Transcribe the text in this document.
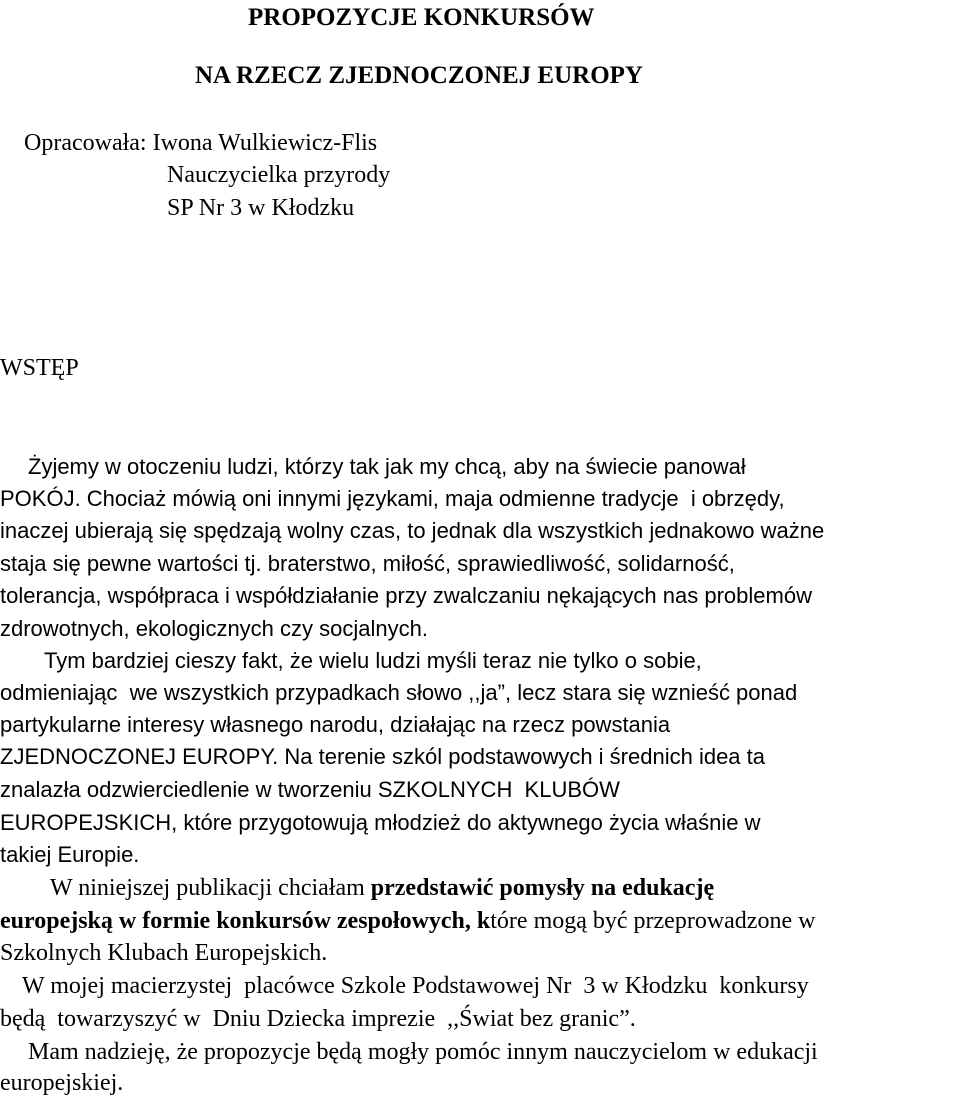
PROPOZYCJE KONKURSÓW
NA RZECZ ZJEDNOCZONEJ EUROPY
Opracowała: Iwona Wulkiewicz-Flis
Nauczycielka przyrody
SP Nr 3 w Kłodzku
WSTĘP
Żyjemy w otoczeniu ludzi, którzy tak jak my chcą, aby na świecie panował
POKÓJ. Chociaż mówią oni innymi językami, maja odmienne tradycje  i obrzędy,
inaczej ubierają się spędzają wolny czas, to jednak dla wszystkich jednakowo ważne
staja się pewne wartości tj. braterstwo, miłość, sprawiedliwość, solidarność,
tolerancja, współpraca i współdziałanie przy zwalczaniu nękających nas problemów
zdrowotnych, ekologicznych czy socjalnych.
Tym bardziej cieszy fakt, że wielu ludzi myśli teraz nie tylko o sobie,
odmieniając  we wszystkich przypadkach słowo ,,ja”, lecz stara się wznieść ponad
partykularne interesy własnego narodu, działając na rzecz powstania
ZJEDNOCZONEJ EUROPY. Na terenie szkól podstawowych i średnich idea ta
znalazła odzwierciedlenie w tworzeniu SZKOLNYCH  KLUBÓW
EUROPEJSKICH, które przygotowują młodzież do aktywnego życia właśnie w
takiej Europie.
W niniejszej publikacji chciałam przedstawić pomysły na edukację
europejską w formie konkursów zespołowych, które mogą być przeprowadzone w
Szkolnych Klubach Europejskich.
W mojej macierzystej  placówce Szkole Podstawowej Nr  3 w Kłodzku  konkursy
będą  towarzyszyć w  Dniu Dziecka imprezie  ,,Świat bez granic”.
Mam nadzieję, że propozycje będą mogły pomóc innym nauczycielom w edukacji
europejskiej.
